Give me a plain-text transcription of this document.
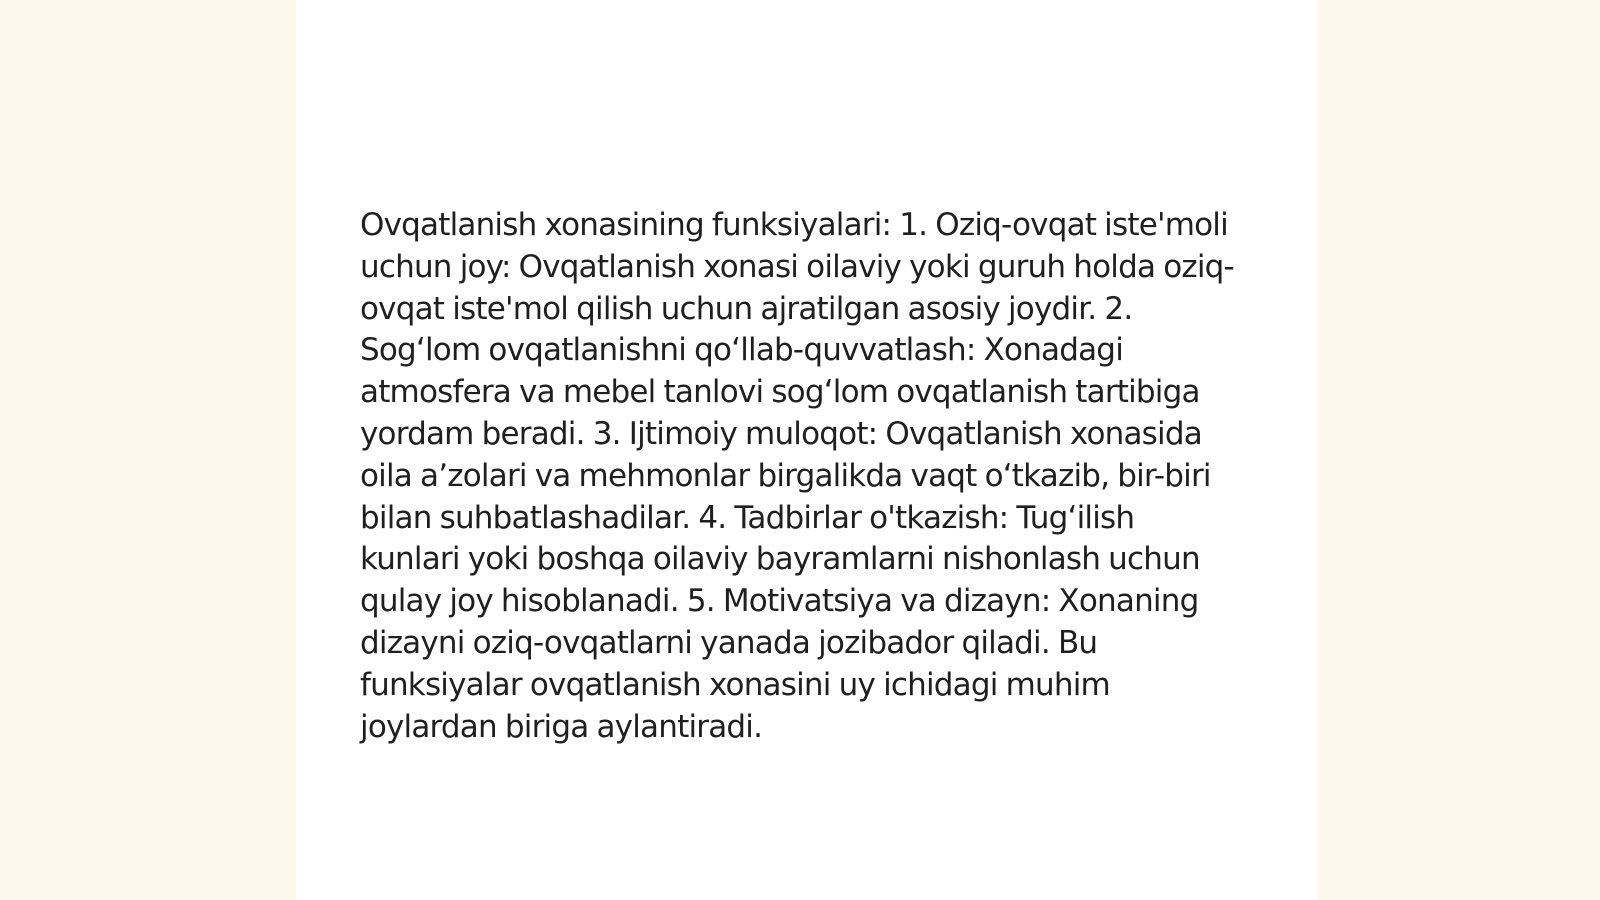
Ovqatlanish xonasining funksiyalari: 1. Oziq-ovqat iste'moli uchun joy: Ovqatlanish xonasi oilaviy yoki guruh holda oziq-ovqat iste'mol qilish uchun ajratilgan asosiy joydir. 2. Sog‘lom ovqatlanishni qo‘llab-quvvatlash: Xonadagi atmosfera va mebel tanlovi sog‘lom ovqatlanish tartibiga yordam beradi. 3. Ijtimoiy muloqot: Ovqatlanish xonasida oila a’zolari va mehmonlar birgalikda vaqt o‘tkazib, bir-biri bilan suhbatlashadilar. 4. Tadbirlar o'tkazish: Tug‘ilish kunlari yoki boshqa oilaviy bayramlarni nishonlash uchun qulay joy hisoblanadi. 5. Motivatsiya va dizayn: Xonaning dizayni oziq-ovqatlarni yanada jozibador qiladi. Bu funksiyalar ovqatlanish xonasini uy ichidagi muhim joylardan biriga aylantiradi.
